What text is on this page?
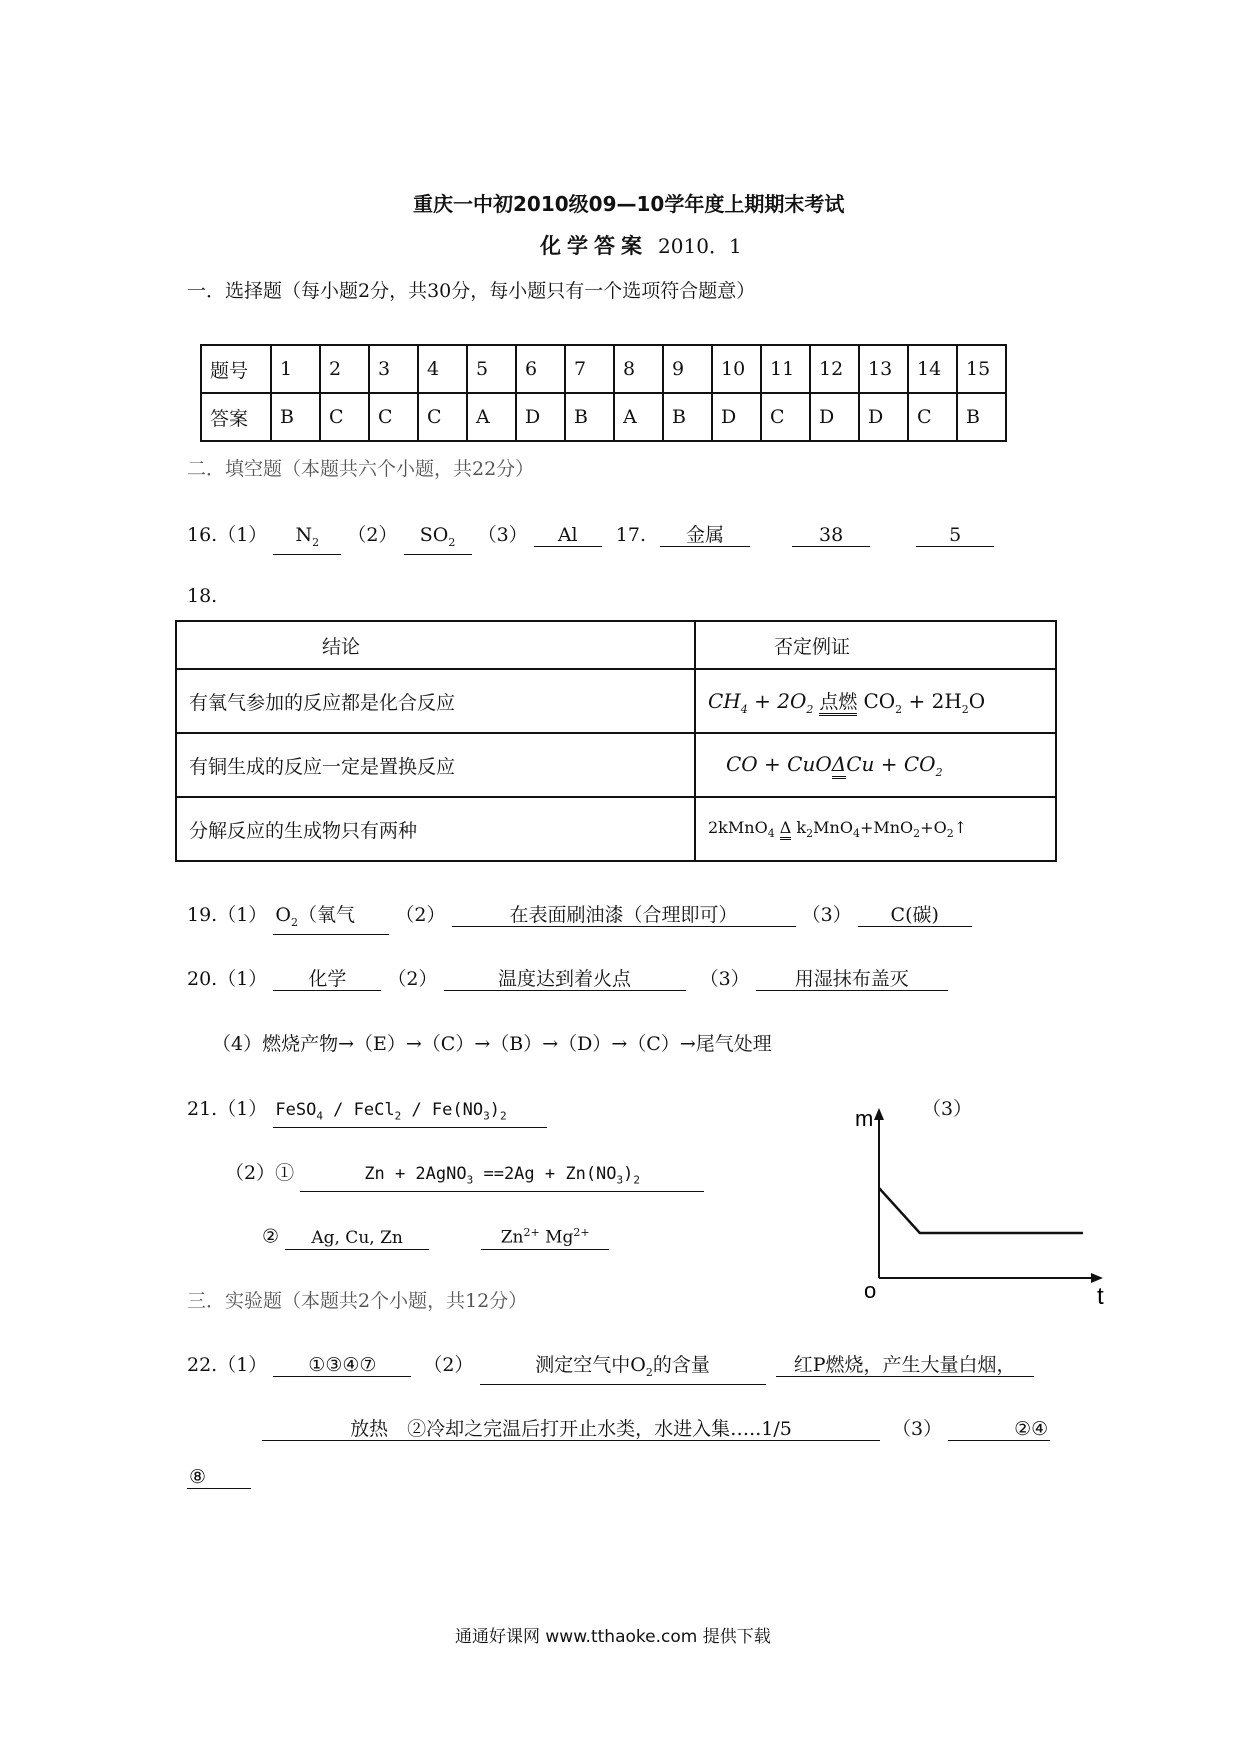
重庆一中初2010级09—10学年度上期期末考试
化学答案 2010．1
一．选择题（每小题2分，共30分，每小题只有一个选项符合题意）
题号	1	2	3	4	5	6	7	8	9	10	11	12	13	14	15
答案	B	C	C	C	A	D	B	A	B	D	C	D	D	C	B
二．填空题（本题共六个小题，共22分）
16.（1） $N_2$ （2） $SO_2$ （3） Al 17. 金属	38	5
18.
结论	否定例证
有氧气参加的反应都是化合反应	$CH_4 + 2O_2$ 点燃 $CO_2 + 2H_2O$
有铜生成的反应一定是置换反应	CO + $CuO\Delta Cu + CO_2$
分解反应的生成物只有两种	2kMnO$_4$ Δ $k_2MnO_4+MnO_2+O_2↑$
19.（1） $O_2$（氧气 （2）	在表面刷油漆（合理即可）	（3） C(碳)
20.（1） 化学 （2）	温度达到着火点	（3） 用湿抹布盖灭
（4）燃烧产物→（E）→（C）→（B）→（D）→（C）→尾气处理
21.（1） FeSO$_4$ / FeCl$_2$ / $Fe(NO_3)_2$
（2）①	Zn + 2AgNO$_3$ $==2Ag + Zn(NO_3)_2$
② Ag, Cu, Zn	$Zn^{2+}$ $Mg^{2+}$
（3）
m
o	t
三．实验题（本题共2个小题，共12分）
22.（1） ①③④⑦ （2）	测定空气中$O_2$的含量	红P燃烧，产生大量白烟，
放热　②冷却之完温后打开止水类，水进入集…..1/5	（3）	②④
⑧
通通好课网 www.tthaoke.com 提供下载
